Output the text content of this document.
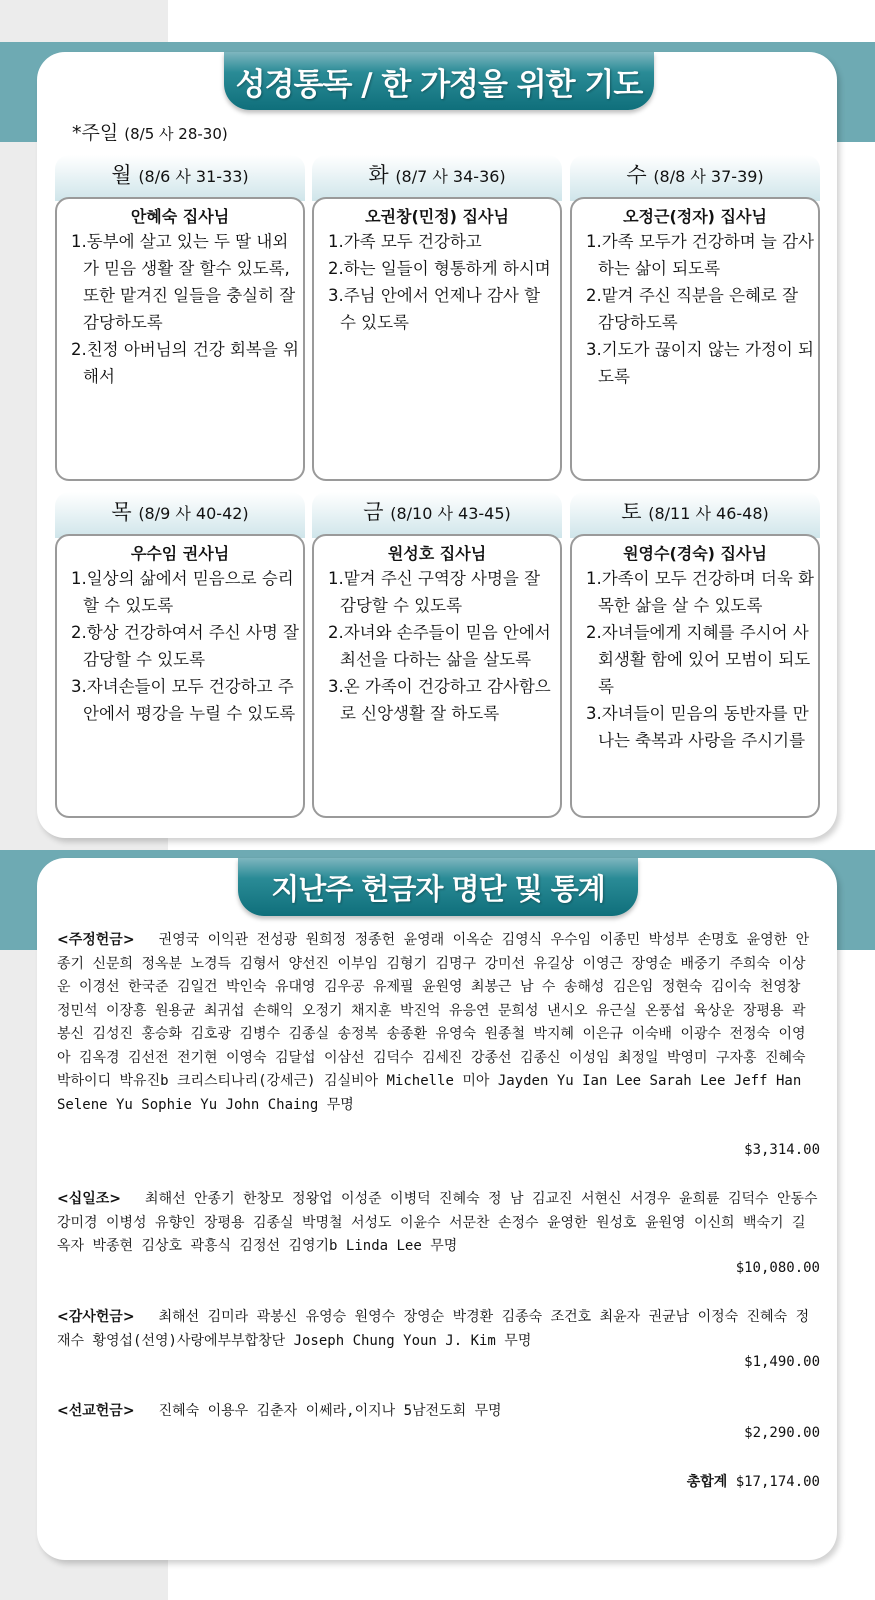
성경통독 / 한 가정을 위한 기도
*주일 (8/5 사 28-30)
월 (8/6 사 31-33)
안혜숙 집사님
1.동부에 살고 있는 두 딸 내외가 믿음 생활 잘 할수 있도록, 또한 맡겨진 일들을 충실히 잘 감당하도록
2.친정 아버님의 건강 회복을 위해서
화 (8/7 사 34-36)
오권창(민정) 집사님
1.가족 모두 건강하고
2.하는 일들이 형통하게 하시며
3.주님 안에서 언제나 감사 할 수 있도록
수 (8/8 사 37-39)
오정근(정자) 집사님
1.가족 모두가 건강하며 늘 감사하는 삶이 되도록
2.맡겨 주신 직분을 은혜로 잘 감당하도록
3.기도가 끊이지 않는 가정이 되도록
목 (8/9 사 40-42)
우수임 권사님
1.일상의 삶에서 믿음으로 승리 할 수 있도록
2.항상 건강하여서 주신 사명 잘 감당할 수 있도록
3.자녀손들이 모두 건강하고 주 안에서 평강을 누릴 수 있도록
금 (8/10 사 43-45)
원성호 집사님
1.맡겨 주신 구역장 사명을 잘 감당할 수 있도록
2.자녀와 손주들이 믿음 안에서 최선을 다하는 삶을 살도록
3.온 가족이 건강하고 감사함으로 신앙생활 잘 하도록
토 (8/11 사 46-48)
원영수(경숙) 집사님
1.가족이 모두 건강하며 더욱 화목한 삶을 살 수 있도록
2.자녀들에게 지혜를 주시어 사회생활 함에 있어 모범이 되도록
3.자녀들이 믿음의 동반자를 만나는 축복과 사랑을 주시기를
지난주 헌금자 명단 및 통계
<주정헌금> 권영국 이익관 전성광 원희정 정종헌 윤영래 이옥순 김영식 우수임 이종민 박성부 손명호 윤영한 안종기 신문희 정옥분 노경득 김형서 양선진 이부임 김형기 김명구 강미선 유길상 이영근 장영순 배중기 주희숙 이상운 이경선 한국준 김일건 박인숙 유대영 김우공 유제필 윤원영 최봉근 남 수 송해성 김은임 정현숙 김이숙 천영창 정민석 이장흥 원용균 최귀섭 손해익 오정기 채지훈 박진억 유응연 문희성 낸시오 유근실 온풍섭 육상운 장평용 곽봉신 김성진 홍승화 김호광 김병수 김종실 송정복 송종환 유영숙 원종철 박지혜 이은규 이숙배 이광수 전정숙 이영아 김옥경 김선전 전기현 이영숙 김달섭 이삼선 김덕수 김세진 강종선 김종신 이성임 최정일 박영미 구자홍 진혜숙 박하이디 박유진b 크리스티나리(강세근) 김실비아 Michelle 미아 Jayden Yu Ian Lee Sarah Lee Jeff Han Selene Yu Sophie Yu John Chaing 무명
$3,314.00
<십일조> 최해선 안종기 한창모 정왕업 이성준 이병덕 진혜숙 정 남 김교진 서현신 서경우 윤희륜 김덕수 안동수 강미경 이병성 유향인 장평용 김종실 박명철 서성도 이윤수 서문찬 손정수 윤영한 원성호 윤원영 이신희 백숙기 길옥자 박종현 김상호 곽흥식 김정선 김영기b Linda Lee 무명
$10,080.00
<감사헌금> 최해선 김미라 곽봉신 유영승 원영수 장영순 박경환 김종숙 조건호 최윤자 권균남 이정숙 진혜숙 정재수 황영섭(선영)사랑에부부합창단 Joseph Chung Youn J. Kim 무명
$1,490.00
<선교헌금> 진혜숙 이용우 김춘자 이쎄라,이지나 5남전도회 무명
$2,290.00
총합계 $17,174.00
